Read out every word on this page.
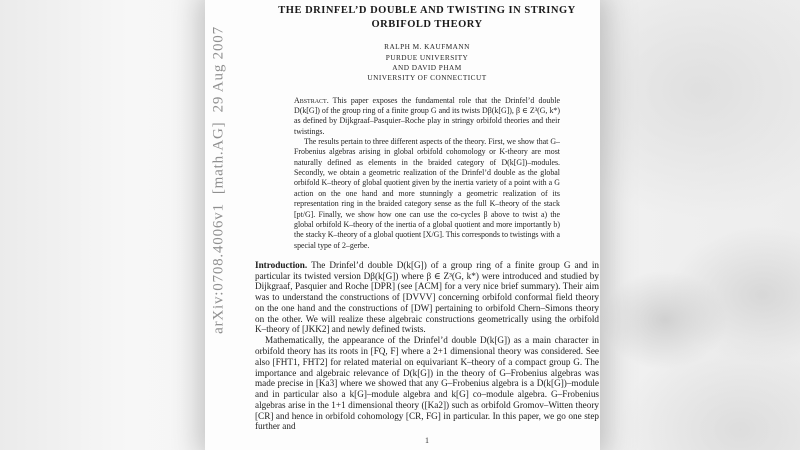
arXiv:0708.4006v1  [math.AG]  29 Aug 2007
THE DRINFEL’D DOUBLE AND TWISTING IN STRINGY
ORBIFOLD THEORY
RALPH M. KAUFMANN
PURDUE UNIVERSITY
AND DAVID PHAM
UNIVERSITY OF CONNECTICUT

Abstract. This paper exposes the fundamental role that the Drinfel’d double D(k[G]) of the group ring of a finite group G and its twists Dβ(k[G]), β ∈ Z³(G, k*) as defined by Dijkgraaf–Pasquier–Roche play in stringy orbifold theories and their twistings.

The results pertain to three different aspects of the theory. First, we show that G–Frobenius algebras arising in global orbifold cohomology or K-theory are most naturally defined as elements in the braided category of D(k[G])–modules. Secondly, we obtain a geometric realization of the Drinfel’d double as the global orbifold K–theory of global quotient given by the inertia variety of a point with a G action on the one hand and more stunningly a geometric realization of its representation ring in the braided category sense as the full K–theory of the stack [pt/G]. Finally, we show how one can use the co-cycles β above to twist a) the global orbifold K–theory of the inertia of a global quotient and more importantly b) the stacky K–theory of a global quotient [X/G]. This corresponds to twistings with a special type of 2–gerbe.

Introduction. The Drinfel’d double D(k[G]) of a group ring of a finite group G and in particular its twisted version Dβ(k[G]) where β ∈ Z³(G, k*) were introduced and studied by Dijkgraaf, Pasquier and Roche [DPR] (see [ACM] for a very nice brief summary). Their aim was to understand the constructions of [DVVV] concerning orbifold conformal field theory on the one hand and the constructions of [DW] pertaining to orbifold Chern–Simons theory on the other. We will realize these algebraic constructions geometrically using the orbifold K–theory of [JKK2] and newly defined twists.

Mathematically, the appearance of the Drinfel’d double D(k[G]) as a main character in orbifold theory has its roots in [FQ, F] where a 2+1 dimensional theory was considered. See also [FHT1, FHT2] for related material on equivariant K–theory of a compact group G. The importance and algebraic relevance of D(k[G]) in the theory of G–Frobenius algebras was made precise in [Ka3] where we showed that any G–Frobenius algebra is a D(k[G])–module and in particular also a k[G]–module algebra and k[G] co–module algebra. G–Frobenius algebras arise in the 1+1 dimensional theory ([Ka2]) such as orbifold Gromov–Witten theory [CR] and hence in orbifold cohomology [CR, FG] in particular. In this paper, we go one step further and

1
